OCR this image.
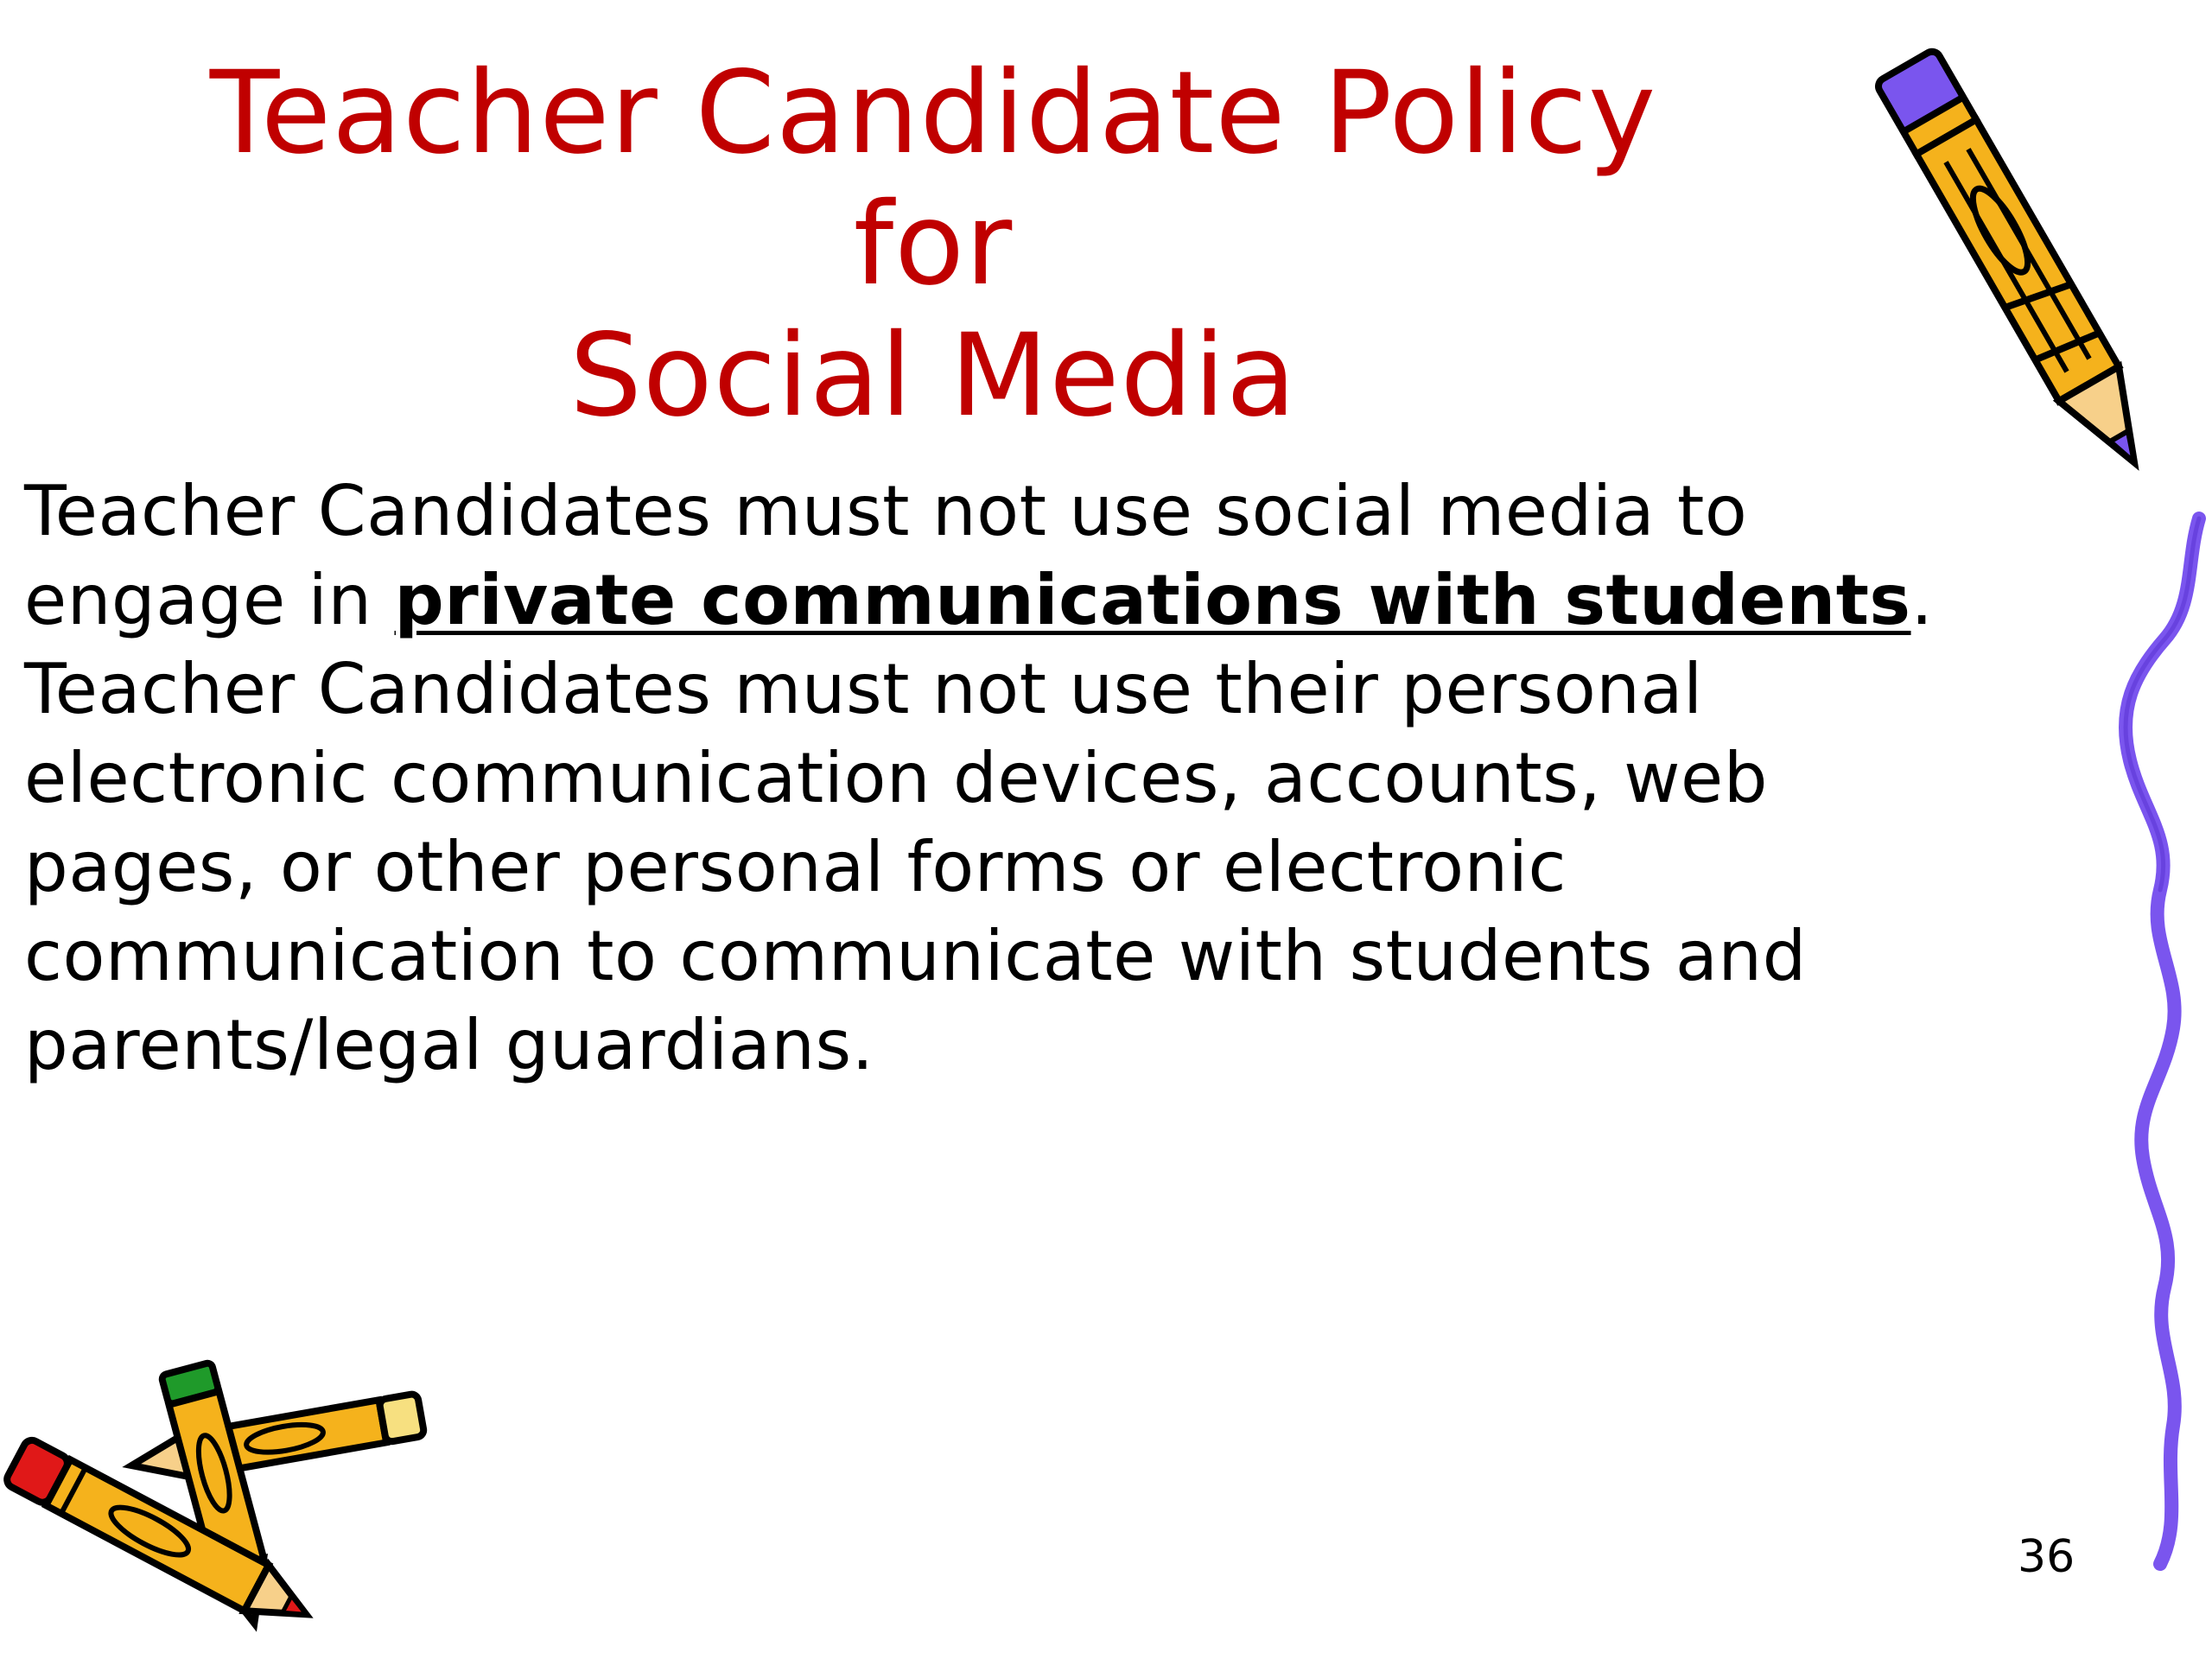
Teacher Candidate Policy for
Social Media

Teacher Candidates must not use social media to engage in private communications with students. Teacher Candidates must not use their personal electronic communication devices, accounts, web pages, or other personal forms or electronic communication to communicate with students and parents/legal guardians.

36
